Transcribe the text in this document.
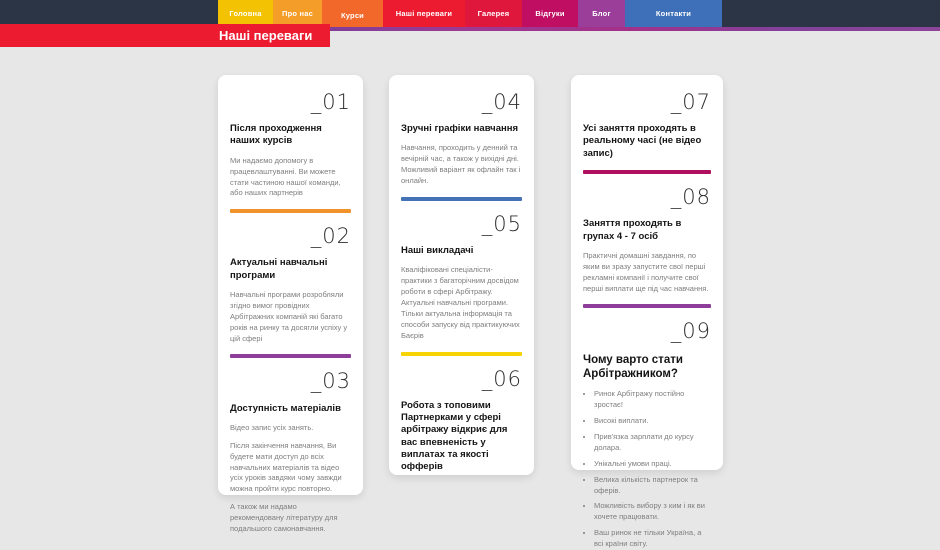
Головна	Про нас	Курси	Наші переваги	Галерея	Відгуки	Блог	Контакти
Наші переваги
_01
Після проходження наших курсів
Ми надаємо допомогу в працевлаштуванні. Ви можете стати частиною нашої команди, або наших партнерів
_02
Актуальні навчальні програми
Навчальні програми розробляли згідно вимог провідних Арбітражних компаній які багато років на ринку та досягли успіху у цій сфері
_03
Доступність матеріалів

Відео запис усіх занять.

Після закінчення навчання, Ви будете мати доступ до всіх навчальних матеріалів та відео усіх уроків завдяки чому завжди можна пройти курс повторно.

А також ми надамо рекомендовану літературу для подальшого самонавчання.

_04
Зручні графіки навчання
Навчання, проходить у денний та вечірній час, а також у вихідні дні. Можливий варіант як офлайн так і онлайн.
_05
Наші викладачі
Кваліфіковані спеціалісти-практики з багаторічним досвідом роботи в сфері Арбітражу. Актуальні навчальні програми. Тільки актуальна інформація та способи запуску від практикуючих Баєрів
_06
Робота з топовими Партнерками у сфері арбітражу відкриє для вас впевненість у виплатах та якості офферів
_07
Усі заняття проходять в реальному часі (не відео запис)
_08
Заняття проходять в групах 4 - 7 осіб
Практичні домашні завдання, по яким ви зразу запустите свої перші рекламні компанії і получите свої перші виплати ще під час навчання.
_09
Чому варто стати Арбітражником?
• Ринок Арбітражу постійно зростає!
• Високі виплати.
• Прив'язка зарплати до курсу долара.
• Унікальні умови праці.
• Велика кількість партнерок та оферів.
• Можливість вибору з ким і як ви хочете працювати.
• Ваш ринок не тільки Україна, а всі країни світу.
